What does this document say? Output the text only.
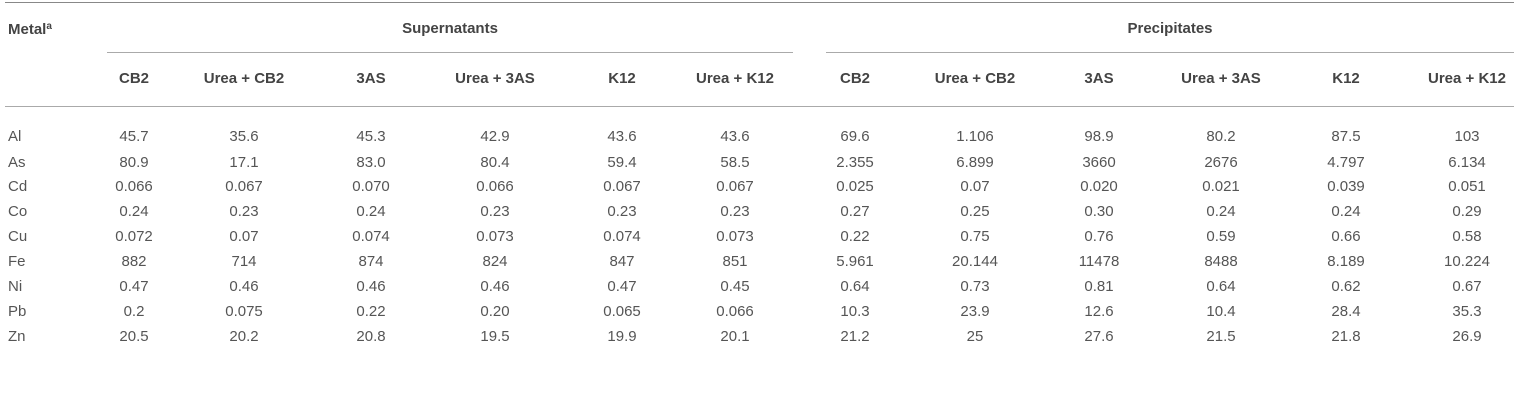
Metal$^a$	Supernatants	Precipitates
CB2	Urea + CB2	3AS	Urea + 3AS	K12	Urea + K12	CB2	Urea + CB2	3AS	Urea + 3AS	K12	Urea + K12
Al	45.7	35.6	45.3	42.9	43.6	43.6	69.6	1.106	98.9	80.2	87.5	103
As	80.9	17.1	83.0	80.4	59.4	58.5	2.355	6.899	3660	2676	4.797	6.134
Cd	0.066	0.067	0.070	0.066	0.067	0.067	0.025	0.07	0.020	0.021	0.039	0.051
Co	0.24	0.23	0.24	0.23	0.23	0.23	0.27	0.25	0.30	0.24	0.24	0.29
Cu	0.072	0.07	0.074	0.073	0.074	0.073	0.22	0.75	0.76	0.59	0.66	0.58
Fe	882	714	874	824	847	851	5.961	20.144	11478	8488	8.189	10.224
Ni	0.47	0.46	0.46	0.46	0.47	0.45	0.64	0.73	0.81	0.64	0.62	0.67
Pb	0.2	0.075	0.22	0.20	0.065	0.066	10.3	23.9	12.6	10.4	28.4	35.3
Zn	20.5	20.2	20.8	19.5	19.9	20.1	21.2	25	27.6	21.5	21.8	26.9
